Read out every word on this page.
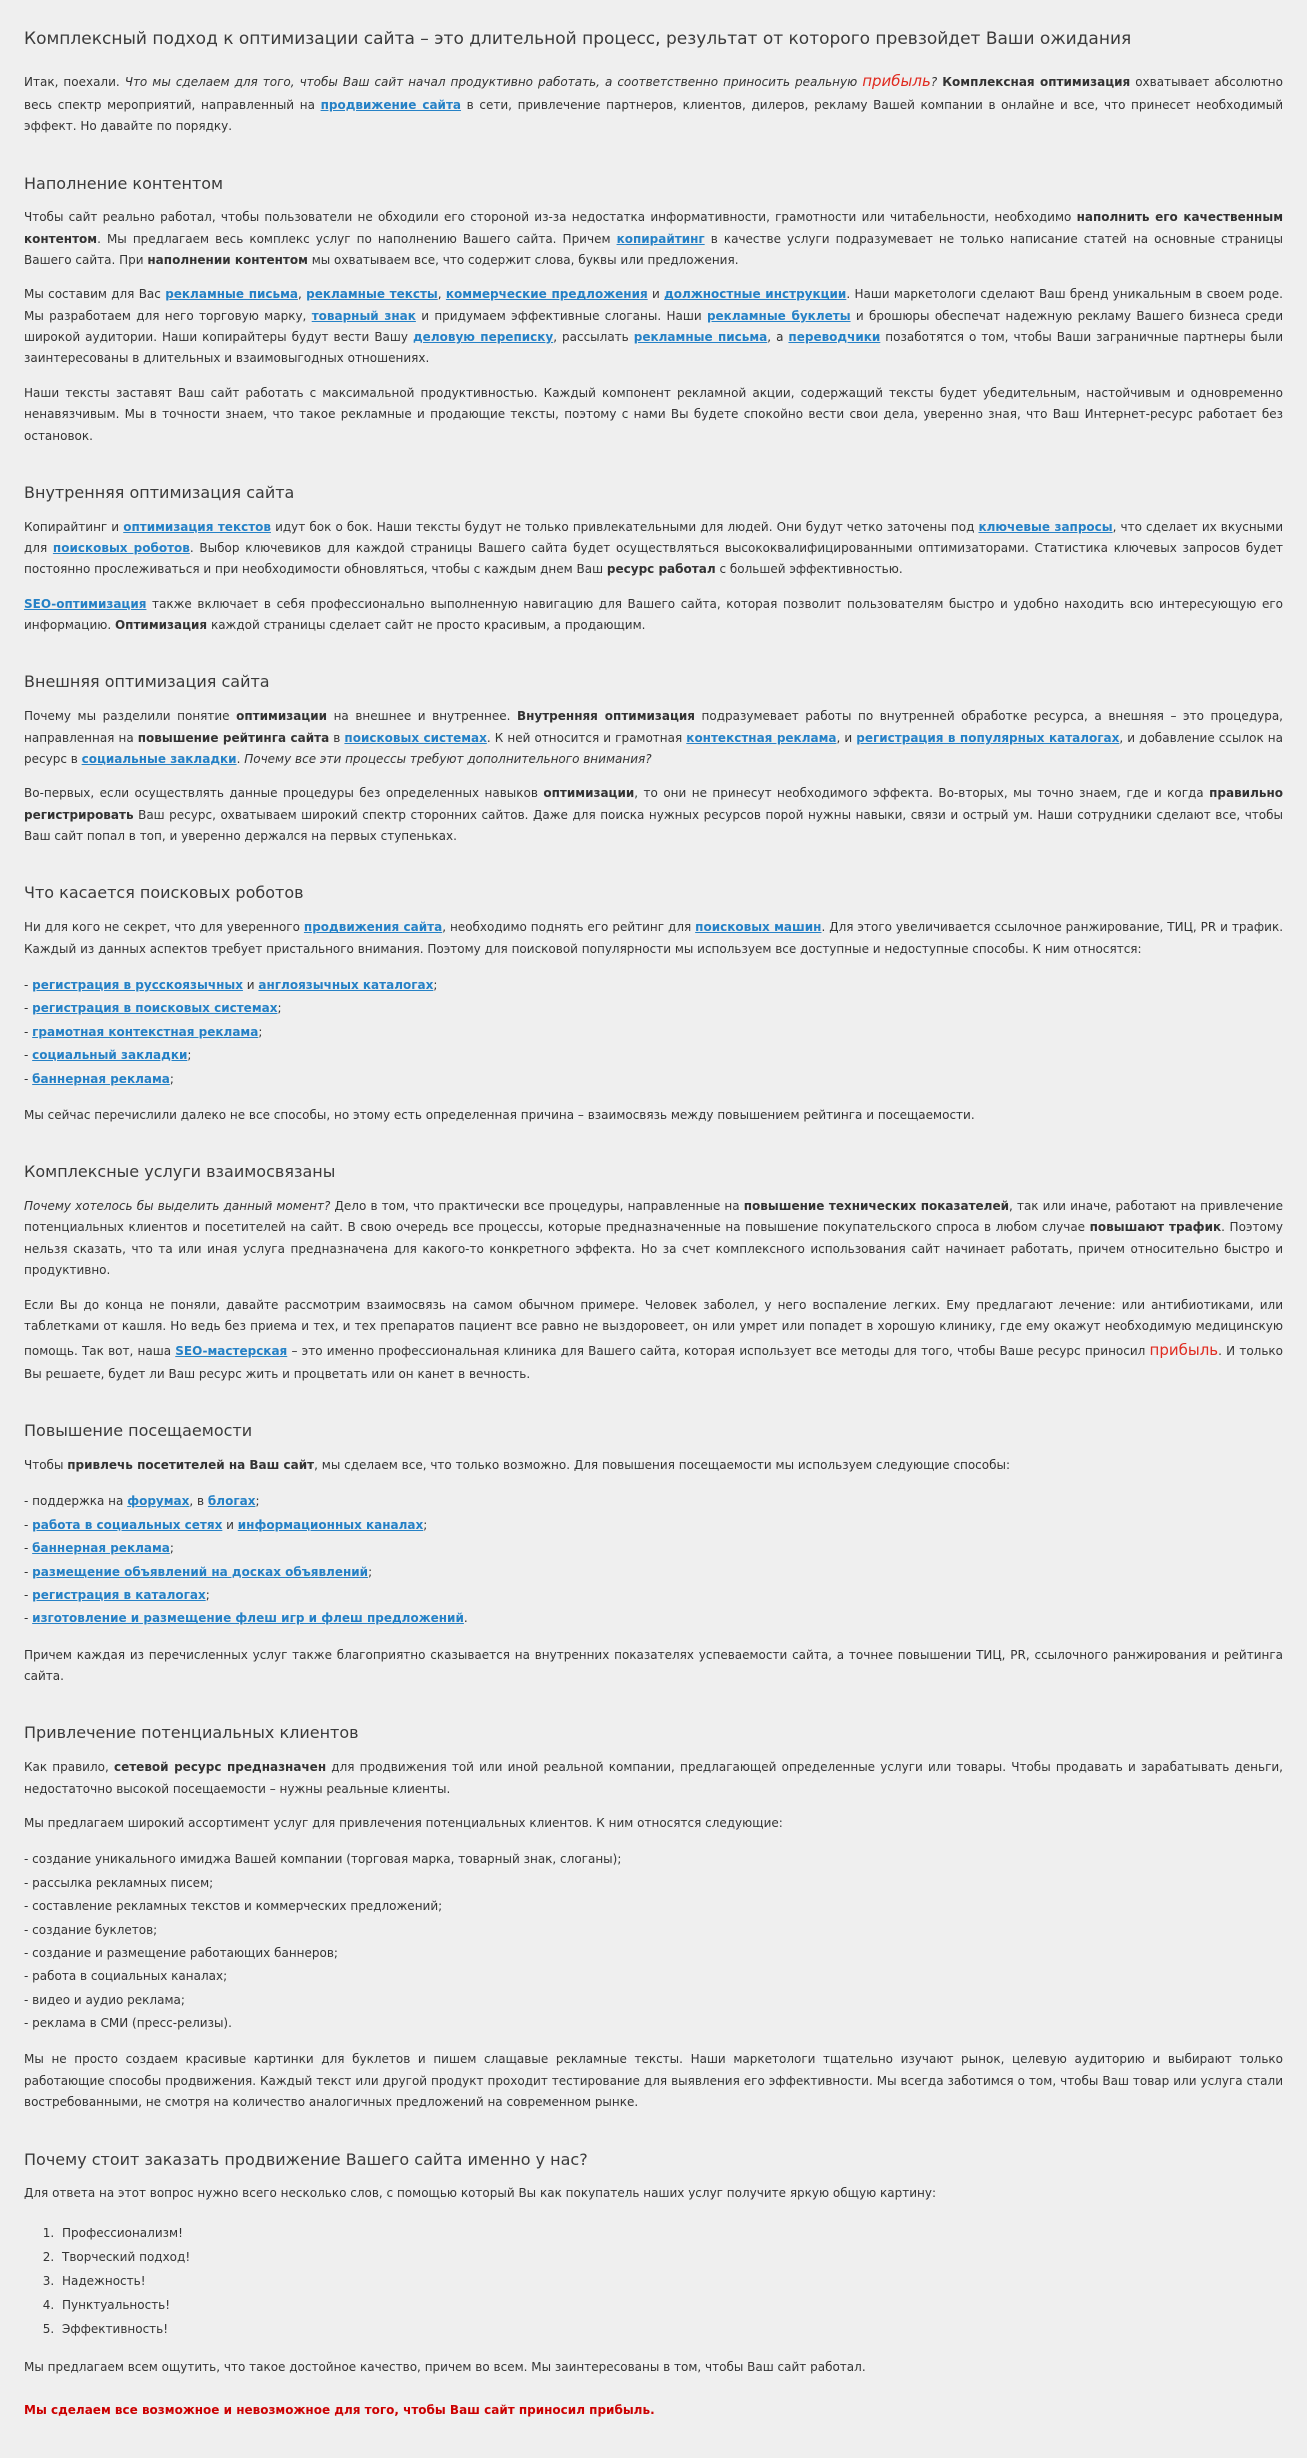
Комплексный подход к оптимизации сайта – это длительной процесс, результат от которого превзойдет Ваши ожидания

Итак, поехали. Что мы сделаем для того, чтобы Ваш сайт начал продуктивно работать, а соответственно приносить реальную прибыль? Комплексная оптимизация охватывает абсолютно весь спектр мероприятий, направленный на продвижение сайта в сети, привлечение партнеров, клиентов, дилеров, рекламу Вашей компании в онлайне и все, что принесет необходимый эффект. Но давайте по порядку.

Наполнение контентом

Чтобы сайт реально работал, чтобы пользователи не обходили его стороной из-за недостатка информативности, грамотности или читабельности, необходимо наполнить его качественным контентом. Мы предлагаем весь комплекс услуг по наполнению Вашего сайта. Причем копирайтинг в качестве услуги подразумевает не только написание статей на основные страницы Вашего сайта. При наполнении контентом мы охватываем все, что содержит слова, буквы или предложения.

Мы составим для Вас рекламные письма, рекламные тексты, коммерческие предложения и должностные инструкции. Наши маркетологи сделают Ваш бренд уникальным в своем роде. Мы разработаем для него торговую марку, товарный знак и придумаем эффективные слоганы. Наши рекламные буклеты и брошюры обеспечат надежную рекламу Вашего бизнеса среди широкой аудитории. Наши копирайтеры будут вести Вашу деловую переписку, рассылать рекламные письма, а переводчики позаботятся о том, чтобы Ваши заграничные партнеры были заинтересованы в длительных и взаимовыгодных отношениях.

Наши тексты заставят Ваш сайт работать с максимальной продуктивностью. Каждый компонент рекламной акции, содержащий тексты будет убедительным, настойчивым и одновременно ненавязчивым. Мы в точности знаем, что такое рекламные и продающие тексты, поэтому с нами Вы будете спокойно вести свои дела, уверенно зная, что Ваш Интернет-ресурс работает без остановок.

Внутренняя оптимизация сайта

Копирайтинг и оптимизация текстов идут бок о бок. Наши тексты будут не только привлекательными для людей. Они будут четко заточены под ключевые запросы, что сделает их вкусными для поисковых роботов. Выбор ключевиков для каждой страницы Вашего сайта будет осуществляться высококвалифицированными оптимизаторами. Статистика ключевых запросов будет постоянно прослеживаться и при необходимости обновляться, чтобы с каждым днем Ваш ресурс работал с большей эффективностью.

SEO-оптимизация также включает в себя профессионально выполненную навигацию для Вашего сайта, которая позволит пользователям быстро и удобно находить всю интересующую его информацию. Оптимизация каждой страницы сделает сайт не просто красивым, а продающим.

Внешняя оптимизация сайта

Почему мы разделили понятие оптимизации на внешнее и внутреннее. Внутренняя оптимизация подразумевает работы по внутренней обработке ресурса, а внешняя – это процедура, направленная на повышение рейтинга сайта в поисковых системах. К ней относится и грамотная контекстная реклама, и регистрация в популярных каталогах, и добавление ссылок на ресурс в социальные закладки. Почему все эти процессы требуют дополнительного внимания?

Во-первых, если осуществлять данные процедуры без определенных навыков оптимизации, то они не принесут необходимого эффекта. Во-вторых, мы точно знаем, где и когда правильно регистрировать Ваш ресурс, охватываем широкий спектр сторонних сайтов. Даже для поиска нужных ресурсов порой нужны навыки, связи и острый ум. Наши сотрудники сделают все, чтобы Ваш сайт попал в топ, и уверенно держался на первых ступеньках.

Что касается поисковых роботов

Ни для кого не секрет, что для уверенного продвижения сайта, необходимо поднять его рейтинг для поисковых машин. Для этого увеличивается ссылочное ранжирование, ТИЦ, PR и трафик. Каждый из данных аспектов требует пристального внимания. Поэтому для поисковой популярности мы используем все доступные и недоступные способы. К ним относятся:

- регистрация в русскоязычных и англоязычных каталогах;
- регистрация в поисковых системах;
- грамотная контекстная реклама;
- социальный закладки;
- баннерная реклама;

Мы сейчас перечислили далеко не все способы, но этому есть определенная причина – взаимосвязь между повышением рейтинга и посещаемости.

Комплексные услуги взаимосвязаны

Почему хотелось бы выделить данный момент? Дело в том, что практически все процедуры, направленные на повышение технических показателей, так или иначе, работают на привлечение потенциальных клиентов и посетителей на сайт. В свою очередь все процессы, которые предназначенные на повышение покупательского спроса в любом случае повышают трафик. Поэтому нельзя сказать, что та или иная услуга предназначена для какого-то конкретного эффекта. Но за счет комплексного использования сайт начинает работать, причем относительно быстро и продуктивно.

Если Вы до конца не поняли, давайте рассмотрим взаимосвязь на самом обычном примере. Человек заболел, у него воспаление легких. Ему предлагают лечение: или антибиотиками, или таблетками от кашля. Но ведь без приема и тех, и тех препаратов пациент все равно не выздоровеет, он или умрет или попадет в хорошую клинику, где ему окажут необходимую медицинскую помощь. Так вот, наша SEO-мастерская – это именно профессиональная клиника для Вашего сайта, которая использует все методы для того, чтобы Ваше ресурс приносил прибыль. И только Вы решаете, будет ли Ваш ресурс жить и процветать или он канет в вечность.

Повышение посещаемости

Чтобы привлечь посетителей на Ваш сайт, мы сделаем все, что только возможно. Для повышения посещаемости мы используем следующие способы:

- поддержка на форумах, в блогах;
- работа в социальных сетях и информационных каналах;
- баннерная реклама;
- размещение объявлений на досках объявлений;
- регистрация в каталогах;
- изготовление и размещение флеш игр и флеш предложений.

Причем каждая из перечисленных услуг также благоприятно сказывается на внутренних показателях успеваемости сайта, а точнее повышении ТИЦ, PR, ссылочного ранжирования и рейтинга сайта.

Привлечение потенциальных клиентов

Как правило, сетевой ресурс предназначен для продвижения той или иной реальной компании, предлагающей определенные услуги или товары. Чтобы продавать и зарабатывать деньги, недостаточно высокой посещаемости – нужны реальные клиенты.

Мы предлагаем широкий ассортимент услуг для привлечения потенциальных клиентов. К ним относятся следующие:

- создание уникального имиджа Вашей компании (торговая марка, товарный знак, слоганы);
- рассылка рекламных писем;
- составление рекламных текстов и коммерческих предложений;
- создание буклетов;
- создание и размещение работающих баннеров;
- работа в социальных каналах;
- видео и аудио реклама;
- реклама в СМИ (пресс-релизы).

Мы не просто создаем красивые картинки для буклетов и пишем слащавые рекламные тексты. Наши маркетологи тщательно изучают рынок, целевую аудиторию и выбирают только работающие способы продвижения. Каждый текст или другой продукт проходит тестирование для выявления его эффективности. Мы всегда заботимся о том, чтобы Ваш товар или услуга стали востребованными, не смотря на количество аналогичных предложений на современном рынке.

Почему стоит заказать продвижение Вашего сайта именно у нас?

Для ответа на этот вопрос нужно всего несколько слов, с помощью который Вы как покупатель наших услуг получите яркую общую картину:

1. Профессионализм!
2. Творческий подход!
3. Надежность!
4. Пунктуальность!
5. Эффективность!

Мы предлагаем всем ощутить, что такое достойное качество, причем во всем. Мы заинтересованы в том, чтобы Ваш сайт работал.

Мы сделаем все возможное и невозможное для того, чтобы Ваш сайт приносил прибыль.
